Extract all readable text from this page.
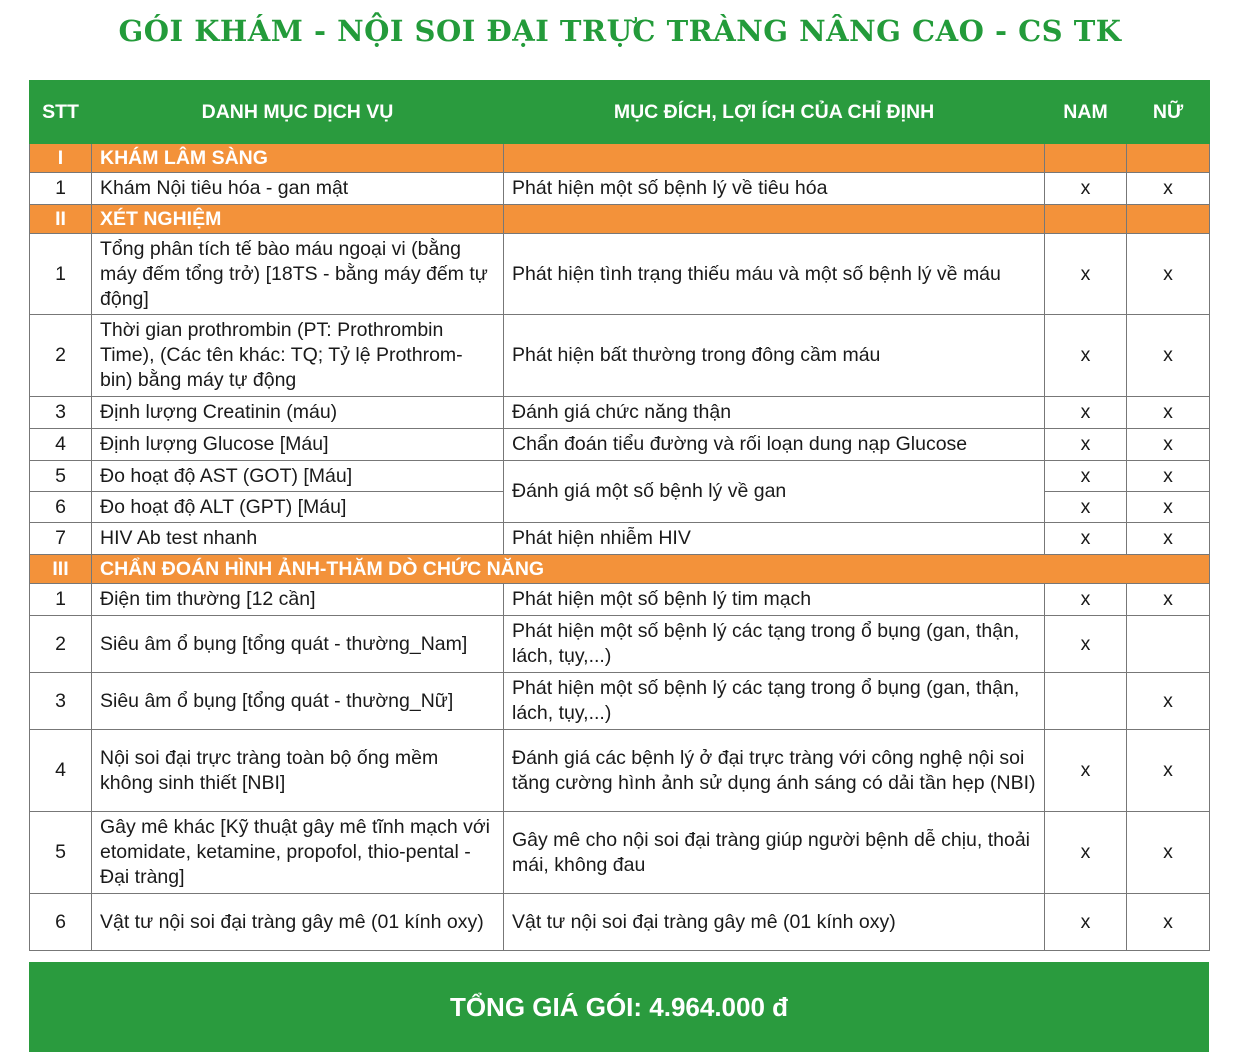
GÓI KHÁM - NỘI SOI ĐẠI TRỰC TRÀNG NÂNG CAO - CS TK
STT	DANH MỤC DỊCH VỤ	MỤC ĐÍCH, LỢI ÍCH CỦA CHỈ ĐỊNH	NAM	NỮ
I	KHÁM LÂM SÀNG			
1	Khám Nội tiêu hóa - gan mật	Phát hiện một số bệnh lý về tiêu hóa	x	x
II	XÉT NGHIỆM			
1	Tổng phân tích tế bào máu ngoại vi (bằng máy đếm tổng trở) [18TS - bằng máy đếm tự động]	Phát hiện tình trạng thiếu máu và một số bệnh lý về máu	x	x
2	Thời gian prothrombin (PT: Prothrombin Time), (Các tên khác: TQ; Tỷ lệ Prothrom-bin) bằng máy tự động	Phát hiện bất thường trong đông cầm máu	x	x
3	Định lượng Creatinin (máu)	Đánh giá chức năng thận	x	x
4	Định lượng Glucose [Máu]	Chẩn đoán tiểu đường và rối loạn dung nạp Glucose	x	x
5	Đo hoạt độ AST (GOT) [Máu]	Đánh giá một số bệnh lý về gan	x	x
6	Đo hoạt độ ALT (GPT) [Máu]		x	x
7	HIV Ab test nhanh	Phát hiện nhiễm HIV	x	x
III	CHẨN ĐOÁN HÌNH ẢNH-THĂM DÒ CHỨC NĂNG			
1	Điện tim thường [12 cần]	Phát hiện một số bệnh lý tim mạch	x	x
2	Siêu âm ổ bụng [tổng quát - thường_Nam]	Phát hiện một số bệnh lý các tạng trong ổ bụng (gan, thận, lách, tụy,...)	x	
3	Siêu âm ổ bụng [tổng quát - thường_Nữ]	Phát hiện một số bệnh lý các tạng trong ổ bụng (gan, thận, lách, tụy,...)		x
4	Nội soi đại trực tràng toàn bộ ống mềm không sinh thiết [NBI]	Đánh giá các bệnh lý ở đại trực tràng với công nghệ nội soi tăng cường hình ảnh sử dụng ánh sáng có dải tần hẹp (NBI)	x	x
5	Gây mê khác [Kỹ thuật gây mê tĩnh mạch với etomidate, ketamine, propofol, thio-pental - Đại tràng]	Gây mê cho nội soi đại tràng giúp người bệnh dễ chịu, thoải mái, không đau	x	x
6	Vật tư nội soi đại tràng gây mê (01 kính oxy)	Vật tư nội soi đại tràng gây mê (01 kính oxy)	x	x
TỔNG GIÁ GÓI: 4.964.000 đ
